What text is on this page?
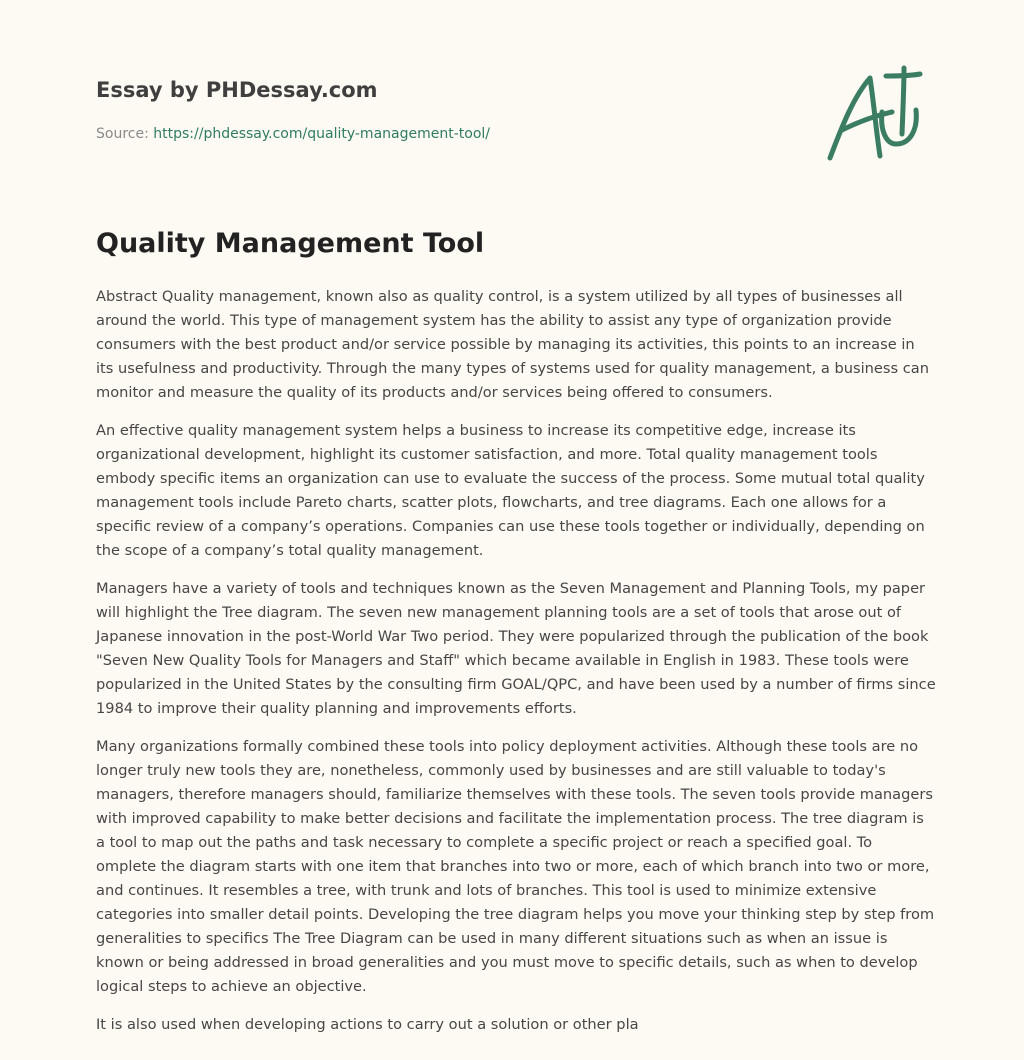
Essay by PHDessay.com
Source: https://phdessay.com/quality-management-tool/
Quality Management Tool

Abstract Quality management, known also as quality control, is a system utilized by all types of businesses all around the world. This type of management system has the ability to assist any type of organization provide consumers with the best product and/or service possible by managing its activities, this points to an increase in its usefulness and productivity. Through the many types of systems used for quality management, a business can monitor and measure the quality of its products and/or services being offered to consumers.

An effective quality management system helps a business to increase its competitive edge, increase its organizational development, highlight its customer satisfaction, and more. Total quality management tools embody specific items an organization can use to evaluate the success of the process. Some mutual total quality management tools include Pareto charts, scatter plots, flowcharts, and tree diagrams. Each one allows for a specific review of a company’s operations. Companies can use these tools together or individually, depending on the scope of a company’s total quality management.

Managers have a variety of tools and techniques known as the Seven Management and Planning Tools, my paper will highlight the Tree diagram. The seven new management planning tools are a set of tools that arose out of Japanese innovation in the post-World War Two period. They were popularized through the publication of the book "Seven New Quality Tools for Managers and Staff" which became available in English in 1983. These tools were popularized in the United States by the consulting firm GOAL/QPC, and have been used by a number of firms since 1984 to improve their quality planning and improvements efforts.

Many organizations formally combined these tools into policy deployment activities. Although these tools are no longer truly new tools they are, nonetheless, commonly used by businesses and are still valuable to today's managers, therefore managers should, familiarize themselves with these tools. The seven tools provide managers with improved capability to make better decisions and facilitate the implementation process. The tree diagram is a tool to map out the paths and task necessary to complete a specific project or reach a specified goal. To omplete the diagram starts with one item that branches into two or more, each of which branch into two or more, and continues. It resembles a tree, with trunk and lots of branches. This tool is used to minimize extensive categories into smaller detail points. Developing the tree diagram helps you move your thinking step by step from generalities to specifics The Tree Diagram can be used in many different situations such as when an issue is known or being addressed in broad generalities and you must move to specific details, such as when to develop logical steps to achieve an objective.

It is also used when developing actions to carry out a solution or other pla
